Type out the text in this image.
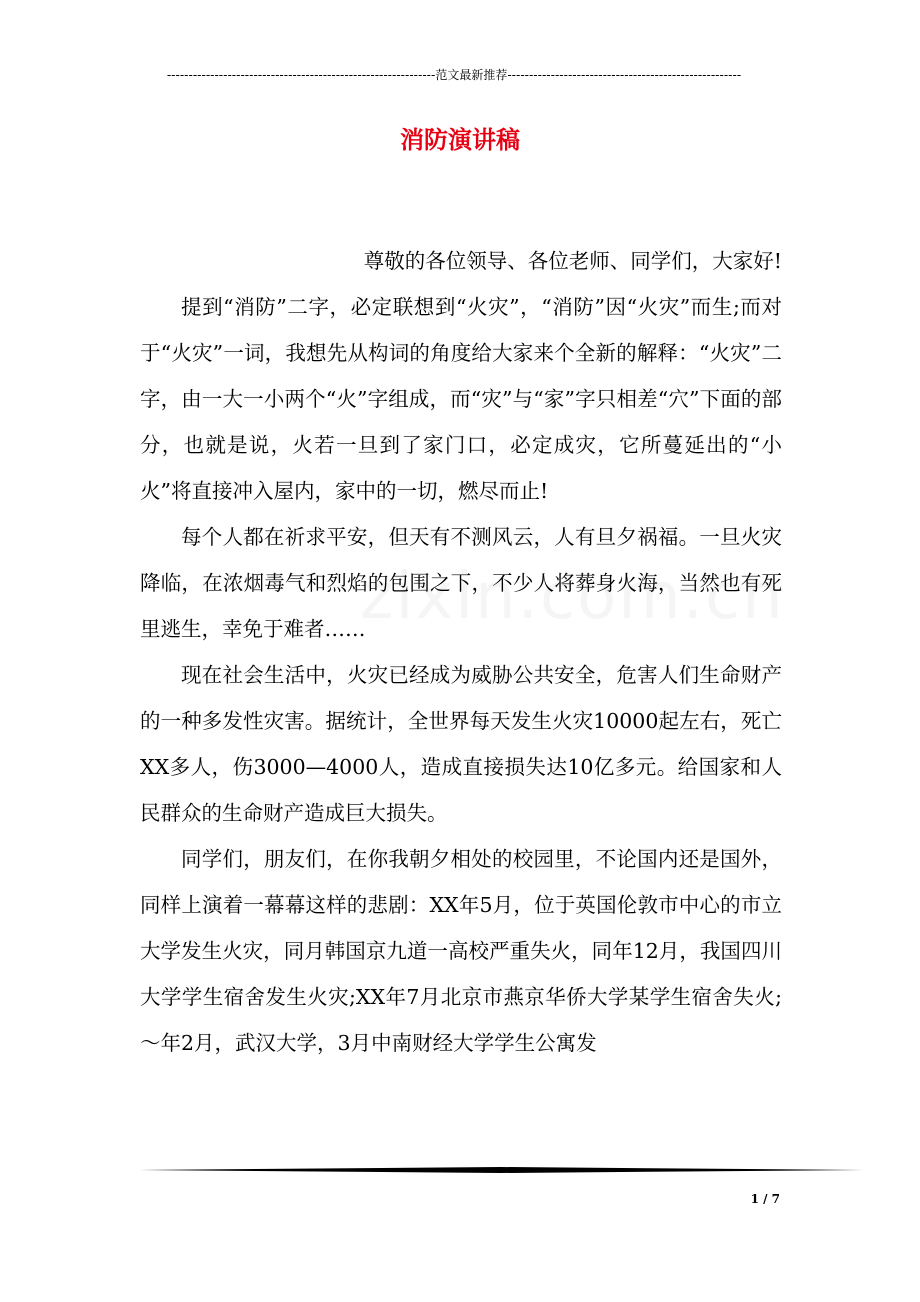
--------------------------------------------------------------范文最新推荐------------------------------------------------------
消防演讲稿

尊敬的各位领导、各位老师、同学们，大家好!

提到“消防”二字，必定联想到“火灾”，“消防”因“火灾”而生;而对于“火灾”一词，我想先从构词的角度给大家来个全新的解释：“火灾”二字，由一大一小两个“火”字组成，而“灾”与“家”字只相差“穴”下面的部分，也就是说，火若一旦到了家门口，必定成灾，它所蔓延出的“小火”将直接冲入屋内，家中的一切，燃尽而止!

每个人都在祈求平安，但天有不测风云，人有旦夕祸福。一旦火灾降临，在浓烟毒气和烈焰的包围之下，不少人将葬身火海，当然也有死里逃生，幸免于难者……

现在社会生活中，火灾已经成为威胁公共安全，危害人们生命财产的一种多发性灾害。据统计，全世界每天发生火灾10000起左右，死亡XX多人，伤3000—4000人，造成直接损失达10亿多元。给国家和人民群众的生命财产造成巨大损失。

同学们，朋友们，在你我朝夕相处的校园里，不论国内还是国外，同样上演着一幕幕这样的悲剧：XX年5月，位于英国伦敦市中心的市立大学发生火灾，同月韩国京九道一高校严重失火，同年12月，我国四川大学学生宿舍发生火灾;XX年7月北京市燕京华侨大学某学生宿舍失火;～年2月，武汉大学，3月中南财经大学学生公寓发

1 / 7
